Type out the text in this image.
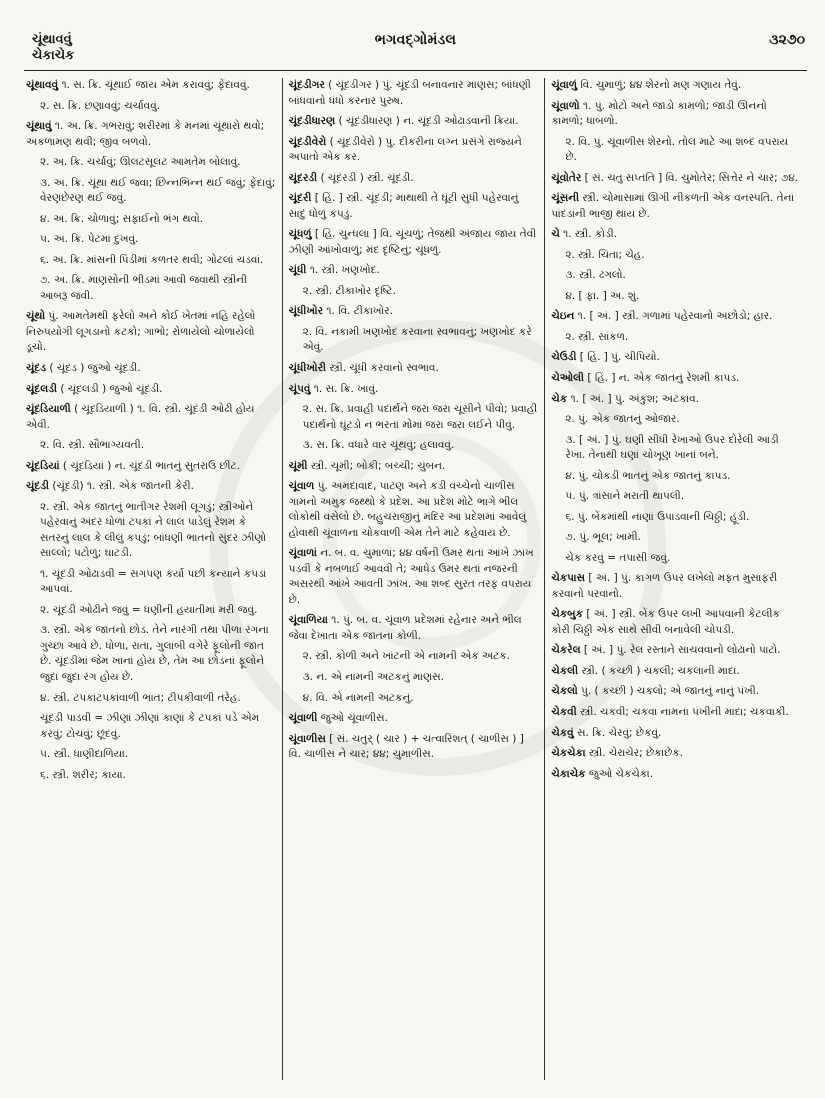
ચૂંથાવવું
ચેકાચેક
ભગવદ્ગોમંડલ	૩૨૭૦
ચૂંથાવવું ૧. સ. ક્રિ. ચૂંથાઈ જાય એમ કરાવવું; ફેંદાવવું.
૨. સ. ક્રિ. છણાવવું; ચર્ચાવવું.
ચૂંથાવું ૧. અ. ક્રિ. ગભરાવું; શરીરમાં કે મનમાં ચૂંથારો થવો; અકળામણ થવી; જીવ બળવો.
૨. અ. ક્રિ. ચર્ચાવું; ઊલટસૂલટ આમતેમ બોલાવું.
૩. અ. ક્રિ. ચૂંથા થઈ જવા; છિન્નભિન્ન થઈ જવું; ફેંદાવું; વેરણછેરણ થઈ જવું.
૪. અ. ક્રિ. ચોળાવું; સફાઈનો ભંગ થવો.
૫. અ. ક્રિ. પેટમાં દુખવું.
૬. અ. ક્રિ. માંસની પિંડીમાં કળતર થવી; ગોટલાં ચડવાં.
૭. અ. ક્રિ. માણસોની ભીડમાં આવી જવાથી સ્ત્રીની આબરૂ જવી.
ચૂંથો પું. આમતેમથી ફરેલો અને કોઈ ખેતમાં નહિ રહેલો નિરુપયોગી લૂગડાનો કટકો; ગાભો; રોળાયેલો ચોળાયેલો ડૂચો.
ચૂંદડ ( ચૂંદડ ) જુઓ ચૂંદડી.
ચૂંદલડી ( ચૂંદલડી ) જુઓ ચૂંદડી.
ચૂંદડિયાળી ( ચૂંદડિયાળી ) ૧. વિ. સ્ત્રી. ચૂંદડી ઓઢી હોય એવી.
૨. વિ. સ્ત્રી. સૌભાગ્યવતી.
ચૂંદડિયાં ( ચૂંદડિયાં ) ન. ચૂંદડી ભાતનું સુતરાઉ છીંટ.
ચૂંદડી (ચૂંદડી) ૧. સ્ત્રી. એક જાતની કેરી.
૨. સ્ત્રી. એક જાતનું ભાતીગર રેશમી લૂગડું; સ્ત્રીઓને પહેરવાનું અંદર ધોળાં ટપકાં ને લાલ પાડેલું રેશમ કે સતરનું લાલ કે લીલું કપડું; બાંધણી ભાતનો સુંદર ઝીણો સાલ્લો; પટોળું; ઘાટડી.
૧. ચૂંદડી ઓઢાડવી = સગપણ કર્યા પછી કન્યાને કપડાં આપવાં.
૨. ચૂંદડી ઓઢીને જવું = ધણીની હયાતીમાં મરી જવું.
૩. સ્ત્રી. એક જાતનો છોડ. તેને નારંગી તથા પીળા રંગના ગુચ્છા આવે છે. ધોળા, રાતા, ગુલાબી વગેરે ફૂલોની જાત છે. ચૂંદડીમાં જેમ ખાનાં હોય છે, તેમ આ છોડનાં ફૂલોને જુદા જુદા રંગ હોય છે.
૪. સ્ત્રી. ટપકાંટપકાંવાળી ભાત; ટીપકીવાળી તરેહ.
ચૂંદડી પાડવી = ઝીણાં ઝીણાં કાણાં કે ટપકાં પડે એમ કરવું; ટોચવું; છૂંદવું.
૫. સ્ત્રી. ધાણીદાળિયા.
૬. સ્ત્રી. શરીર; કાયા.
ચૂંદડીગર ( ચૂંદડીગર ) પું. ચૂંદડી બનાવનાર માણસ; બાંધણી બાંધવાનો ધંધો કરનાર પુરુષ.
ચૂંદડીધારણ ( ચૂંદડીધારણ ) ન. ચૂંદડી ઓઢાડવાની ક્રિયા.
ચૂંદડીવેરો ( ચૂંદડીવેરો ) પું. દીકરીના લગ્ન પ્રસંગે રાજ્યને અપાતો એક કર.
ચૂંદરડી ( ચૂંદરડી ) સ્ત્રી. ચૂંદડી.
ચૂંદરી [ હિં. ] સ્ત્રી. ચૂંદડી; માથાથી તે ઘૂંટી સુધી પહેરવાનું સાદું ધોળું કપડું.
ચૂંધળું [ હિં. ચુન્ધલા ] વિ. ચૂંચળું; તેજથી અંજાય જાય તેવી ઝીણી આંખોવાળું; મંદ દૃષ્ટિનું; ચૂંધળું.
ચૂંધી ૧. સ્ત્રી. ખણખોદ.
૨. સ્ત્રી. ટીકાખોર દૃષ્ટિ.
ચૂંધીખોર ૧. વિ. ટીકાખોર.
૨. વિ. નકામી ખણખોદ કરવાના સ્વભાવનું; ખણખોદ કરે એવું.
ચૂંધીખોરી સ્ત્રી. ચૂંધી કરવાનો સ્વભાવ.
ચૂંપવું ૧. સ. ક્રિ. ખાવું.
૨. સ. ક્રિ. પ્રવાહી પદાર્થને જરા જરા ચૂસીને પીવો; પ્રવાહી પદાર્થનો ઘૂંટડો ન ભરતાં મોંમાં જરા જરા લઈને પીવું.
૩. સ. ક્રિ. વધારે વાર ચૂંથવું; હલાવવું.
ચૂંમી સ્ત્રી. ચૂમી; બોકી; બચ્ચી; ચુંબન.
ચૂંવાળ પું. અમદાવાદ, પાટણ અને કડી વચ્ચેનો ચાળીસ ગામનો અમુક જથ્થો કે પ્રદેશ. આ પ્રદેશ મોટે ભાગે ભીલ લોકોથી વસેલો છે. બહુચરાજીનું મંદિર આ પ્રદેશમાં આવેલું હોવાથી ચૂંવાળના ચોકવાળી એમ તેને માટે કહેવાય છે.
ચૂંવાળાં ન. બ. વ. ચુમાળાં; ૪૪ વર્ષની ઉમર થતાં આંખે ઝાંખ પડવી કે નબળાઈ આવવી તે; આધેડ ઉમર થતાં નજરની અસરથી આંખે આવતી ઝાંખ. આ શબ્દ સુરત તરફ વપરાય છે.
ચૂંવાળિયા ૧. પું. બ. વ. ચૂંવાળ પ્રદેશમાં રહેનાર અને ભીલ જેવા દેખાતા એક જાતના કોળી.
૨. સ્ત્રી. કોળી અને ખાંટની એ નામની એક અટક.
૩. ન. એ નામની અટકનું માણસ.
૪. વિ. એ નામની અટકનું.
ચૂંવાળી જુઓ ચૂંવાળીસ.
ચૂંવાળીસ [ સં. ચતુર્ ( ચાર ) + ચત્વારિંશત્ ( ચાળીસ ) ] વિ. ચાળીસ ને ચાર; ૪૪; ચુમાળીસ.
ચૂંવાળું વિ. ચુમાળું; ૪૪ શેરનો મણ ગણાય તેવું.
ચૂંવાળો ૧. પું. મોટો અને જાડો કામળો; જાડી ઊનનો કામળો; ધાબળો.
૨. વિ. પું. ચૂંવાળીસ શેરનો. તોલ માટે આ શબ્દ વપરાય છે.
ચૂંવોતેર [ સં. ચતુઃસપ્તતિ ] વિ. ચુમોતેર; સિત્તેર ને ચાર; ૭૪.
ચૂંસની સ્ત્રી. ચોમાસામાં ઊગી નીકળતી એક વનસ્પતિ. તેનાં પાંદડાંની ભાજી થાય છે.
ચે ૧. સ્ત્રી. કોડી.
૨. સ્ત્રી. ચિતા; ચેહ.
૩. સ્ત્રી. ઢગલો.
૪. [ ફા. ] અ. શું.
ચેઇન ૧. [ અં. ] સ્ત્રી. ગળામાં પહેરવાનો અછોડો; હાર.
૨. સ્ત્રી. સાંકળ.
ચેઉડી [ હિં. ] પું. ચીપિયો.
ચેઓલી [ હિં. ] ન. એક જાતનું રેશમી કાપડ.
ચેક ૧. [ અં. ] પું. અંકુશ; અટકાવ.
૨. પું. એક જાતનું ઓજાર.
૩. [ અં. ] પું. ઘણી સીધી રેખાઓ ઉપર દોરેલી આડી રેખા. તેનાથી ઘણાં ચોખૂણ ખાનાં બને.
૪. પું. ચોકડી ભાતનું એક જાતનું કાપડ.
૫. પું. ત્રાંસાને મરાતી થાપલી.
૬. પું. બેંકમાંથી નાણાં ઉપાડવાની ચિઠ્ઠી; હૂંડી.
૭. પું. ભૂલ; ખામી.
ચેક કરવું = તપાસી જવું.
ચેકપાસ [ અં. ] પું. કાગળ ઉપર લખેલો મફત મુસાફરી કરવાનો પરવાનો.
ચેકબુક [ અં. ] સ્ત્રી. બેંક ઉપર લખી આપવાની કેટલીક કોરી ચિઠ્ઠી એક સાથે સીવી બનાવેલી ચોપડી.
ચેકરેલ [ અં. ] પું. રેલ રસ્તાને સાચવવાનો લોઢાનો પાટો.
ચેકલી સ્ત્રી. ( કચ્છી ) ચકલી; ચકલાની માદા.
ચેકલો પું. ( કચ્છી ) ચકલો; એ જાતનું નાનું પંખી.
ચેકવી સ્ત્રી. ચકવી; ચકવા નામના પંખીની માદા; ચકવાકી.
ચેકવું સ. ક્રિ. ચેરવું; છેકવું.
ચેકચેકા સ્ત્રી. ચેરાચેર; છેકાછેક.
ચેકાચેક જુઓ ચેકચેકા.
